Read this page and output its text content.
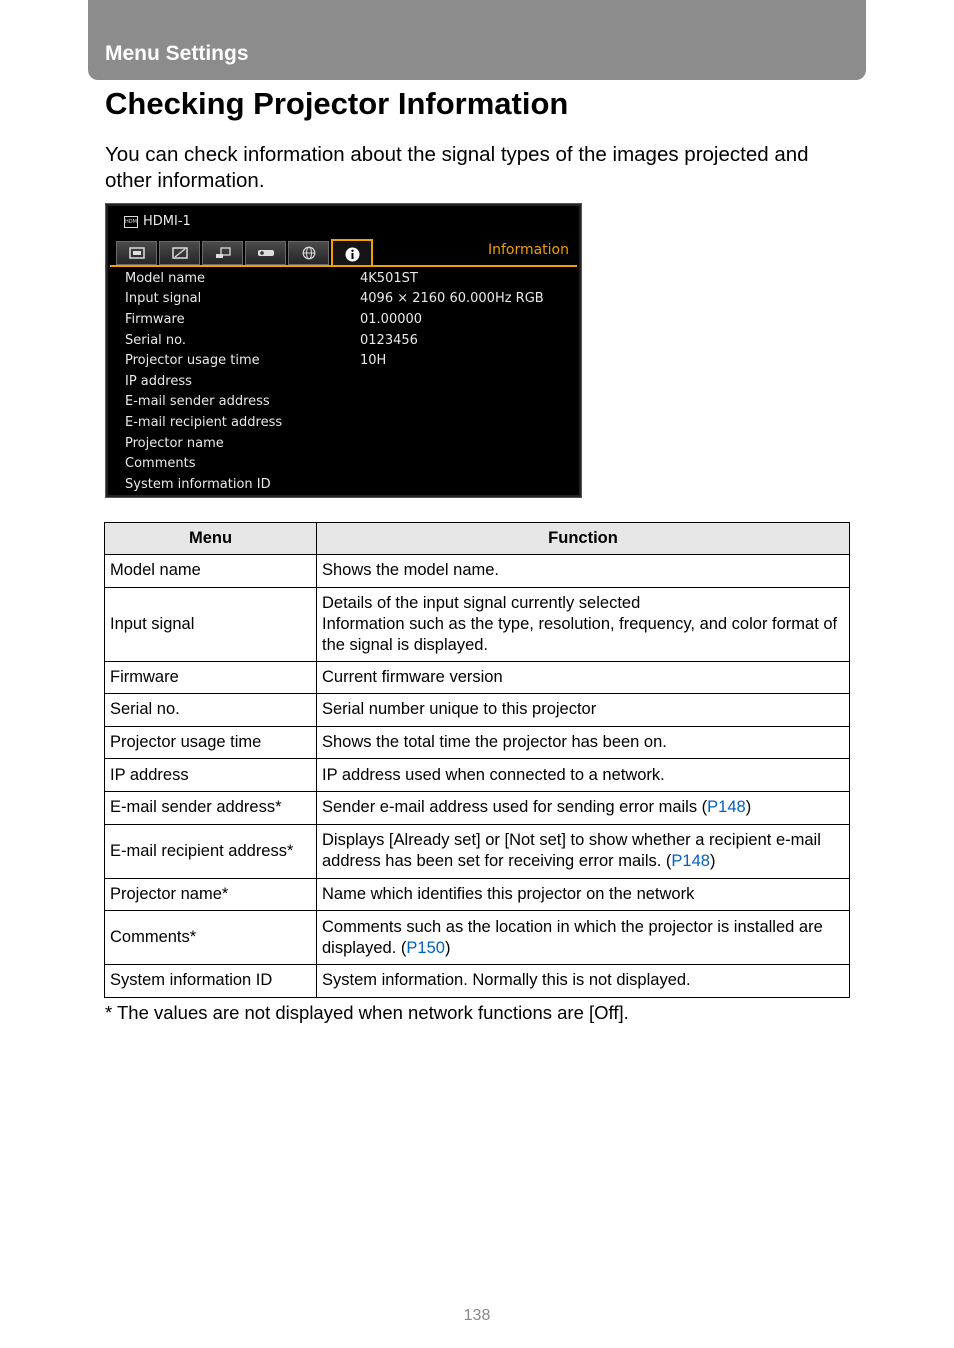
Menu Settings
Checking Projector Information

You can check information about the signal types of the images projected and other information.

HDMI HDMI-1
Information
Model name	4K501ST
Input signal	4096 × 2160 60.000Hz RGB
Firmware	01.00000
Serial no.	0123456
Projector usage time	10H
IP address
E-mail sender address
E-mail recipient address
Projector name
Comments
System information ID
Menu	Function
Model name	Shows the model name.

Input signal	Details of the input signal currently selected
Information such as the type, resolution, frequency, and color format of the signal is displayed.

Firmware	Current firmware version

Serial no.	Serial number unique to this projector

Projector usage time	Shows the total time the projector has been on.

IP address	IP address used when connected to a network.

E-mail sender address*	Sender e-mail address used for sending error mails (P148)
E-mail recipient address*	Displays [Already set] or [Not set] to show whether a recipient e-mail address has been set for receiving error mails. (P148)
Projector name*	Name which identifies this projector on the network

Comments*	Comments such as the location in which the projector is installed are displayed. (P150)
System information ID	System information. Normally this is not displayed.

* The values are not displayed when network functions are [Off].

138
